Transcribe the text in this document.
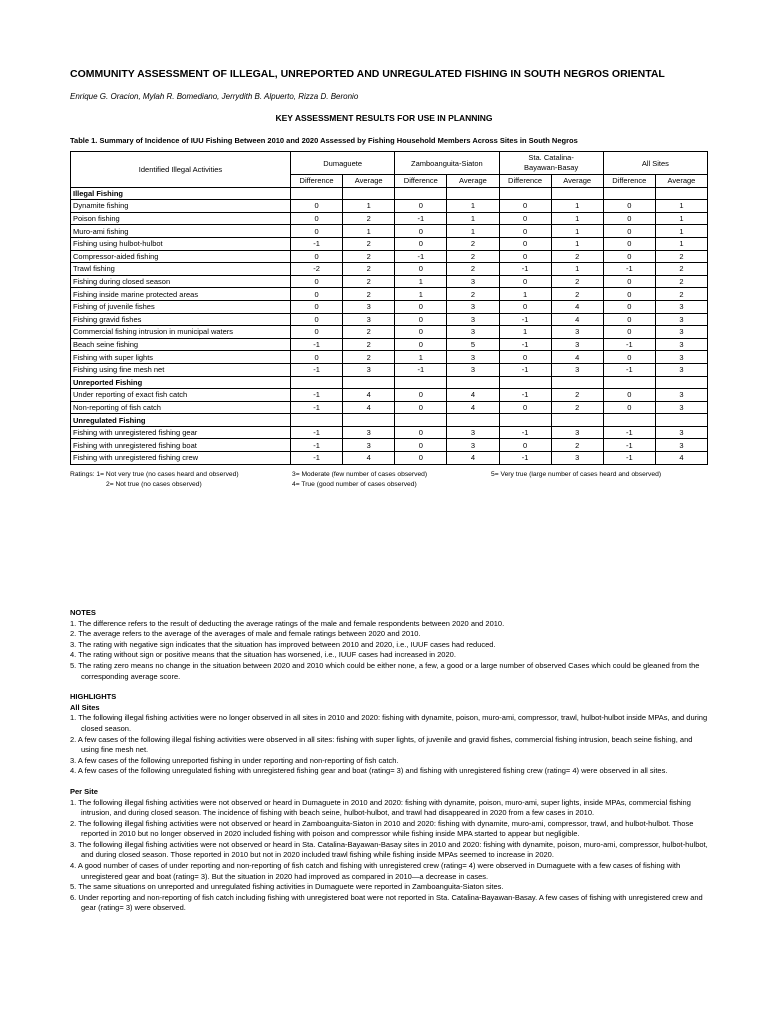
COMMUNITY ASSESSMENT OF ILLEGAL, UNREPORTED AND UNREGULATED FISHING IN SOUTH NEGROS ORIENTAL
Enrique G. Oracion, Mylah R. Bomediano, Jerrydith B. Alpuerto, Rizza D. Beronio
KEY ASSESSMENT RESULTS FOR USE IN PLANNING
Table 1. Summary of Incidence of IUU Fishing Between 2010 and 2020 Assessed by Fishing Household Members Across Sites in South Negros
Identified Illegal Activities	Dumaguete		Zamboanguita-Siaton		Sta. Catalina-
Bayawan-Basay		All Sites	
	Difference	Average	Difference	Average	Difference	Average	Difference	Average
Illegal Fishing								
Dynamite fishing	0	1	0	1	0	1	0	1
Poison fishing	0	2	-1	1	0	1	0	1
Muro-ami fishing	0	1	0	1	0	1	0	1
Fishing using hulbot-hulbot	-1	2	0	2	0	1	0	1
Compressor-aided fishing	0	2	-1	2	0	2	0	2
Trawl fishing	-2	2	0	2	-1	1	-1	2
Fishing during closed season	0	2	1	3	0	2	0	2
Fishing inside marine protected areas	0	2	1	2	1	2	0	2
Fishing of juvenile fishes	0	3	0	3	0	4	0	3
Fishing gravid fishes	0	3	0	3	-1	4	0	3
Commercial fishing intrusion in municipal waters	0	2	0	3	1	3	0	3
Beach seine fishing	-1	2	0	5	-1	3	-1	3
Fishing with super lights	0	2	1	3	0	4	0	3
Fishing using fine mesh net	-1	3	-1	3	-1	3	-1	3
Unreported Fishing								
Under reporting of exact fish catch	-1	4	0	4	-1	2	0	3
Non-reporting of fish catch	-1	4	0	4	0	2	0	3
Unregulated Fishing								
Fishing with unregistered fishing gear	-1	3	0	3	-1	3	-1	3
Fishing with unregistered fishing boat	-1	3	0	3	0	2	-1	3
Fishing with unregistered fishing crew	-1	4	0	4	-1	3	-1	4
Ratings: 1= Not very true (no cases heard and observed)
2= Not true (no cases observed)
3= Moderate (few number of cases observed)
4= True (good number of cases observed)
5= Very true (large number of cases heard and observed)
NOTES
1. The difference refers to the result of deducting the average ratings of the male and female respondents between 2020 and 2010.
2. The average refers to the average of the averages of male and female ratings between 2020 and 2010.
3. The rating with negative sign indicates that the situation has improved between 2010 and 2020, i.e., IUUF cases had reduced.
4. The rating without sign or positive means that the situation has worsened, i.e., IUUF cases had increased in 2020.
5. The rating zero means no change in the situation between 2020 and 2010 which could be either none, a few, a good or a large number of observed Cases which could be gleaned from the corresponding average score.
HIGHLIGHTS
All Sites
1. The following illegal fishing activities were no longer observed in all sites in 2010 and 2020: fishing with dynamite, poison, muro-ami, compressor, trawl, hulbot-hulbot inside MPAs, and during closed season.
2. A few cases of the following illegal fishing activities were observed in all sites: fishing with super lights, of juvenile and gravid fishes, commercial fishing intrusion, beach seine fishing, and using fine mesh net.
3. A few cases of the following unreported fishing in under reporting and non-reporting of fish catch.
4. A few cases of the following unregulated fishing with unregistered fishing gear and boat (rating= 3) and fishing with unregistered fishing crew (rating= 4) were observed in all sites.
Per Site
1. The following illegal fishing activities were not observed or heard in Dumaguete in 2010 and 2020: fishing with dynamite, poison, muro-ami, super lights, inside MPAs, commercial fishing intrusion, and during closed season. The incidence of fishing with beach seine, hulbot-hulbot, and trawl had disappeared in 2020 from a few cases in 2010.
2. The following illegal fishing activities were not observed or heard in Zamboanguita-Siaton in 2010 and 2020: fishing with dynamite, muro-ami, compressor, trawl, and hulbot-hulbot. Those reported in 2010 but no longer observed in 2020 included fishing with poison and compressor while fishing inside MPA started to appear but negligible.
3. The following illegal fishing activities were not observed or heard in Sta. Catalina-Bayawan-Basay sites in 2010 and 2020: fishing with dynamite, poison, muro-ami, compressor, hulbot-hulbot, and during closed season. Those reported in 2010 but not in 2020 included trawl fishing while fishing inside MPAs seemed to increase in 2020.
4. A good number of cases of under reporting and non-reporting of fish catch and fishing with unregistered crew (rating= 4) were observed in Dumaguete with a few cases of fishing with unregistered gear and boat (rating= 3). But the situation in 2020 had improved as compared in 2010—a decrease in cases.
5. The same situations on unreported and unregulated fishing activities in Dumaguete were reported in Zamboanguita-Siaton sites.
6. Under reporting and non-reporting of fish catch including fishing with unregistered boat were not reported in Sta. Catalina-Bayawan-Basay. A few cases of fishing with unregistered crew and gear (rating= 3) were observed.
